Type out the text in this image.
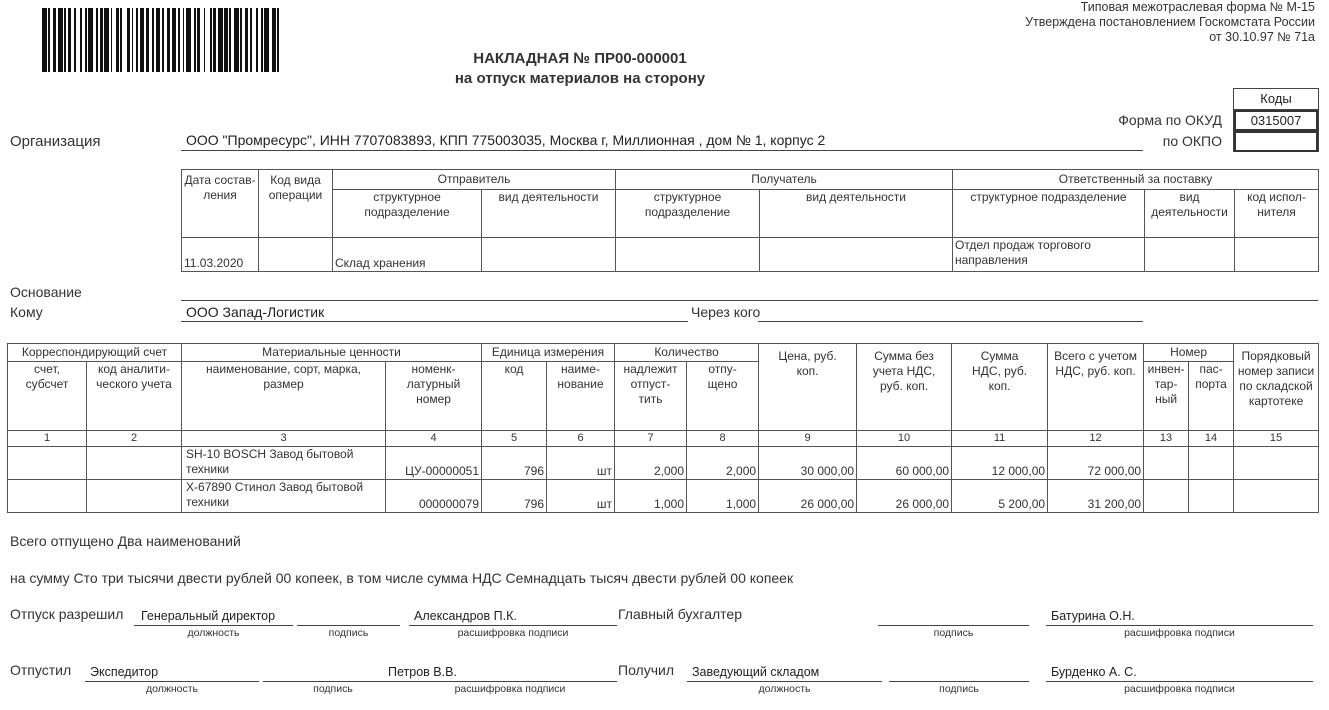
Типовая межотраслевая форма № М-15
Утверждена постановлением Госкомстата России
от 30.10.97 № 71а
НАКЛАДНАЯ № ПР00-000001
на отпуск материалов на сторону
Коды
0315007
Форма по ОКУД
по ОКПО
Организация	ООО "Промресурс", ИНН 7707083893, КПП 775003035, Москва г, Миллионная , дом № 1, корпус 2
Дата состав- ления	Код вида операции	Отправитель		Получатель		Ответственный за поставку		
		структурное подразделение	вид деятельности	структурное подразделение	вид деятельности	структурное подразделение	вид деятельности	код испол- нителя
11.03.2020		Склад хранения				Отдел продаж торгового направления		
Основание
Кому	ООО Запад-Логистик	Через кого
Корреспондирующий счет		Материальные ценности		Единица измерения		Количество		Цена, руб. коп.	Сумма без учета НДС, руб. коп.	Сумма НДС, руб. коп.	Всего с учетом НДС, руб. коп.	Номер		Порядковый номер записи по складской картотеке
счет, субсчет	код аналити- ческого учета	наименование, сорт, марка, размер	номенк- латурный номер	код	наиме- нование	надлежит отпуст- тить	отпу- щено					инвен- тар- ный	пас- порта	
1	2	3	4	5	6	7	8	9	10	11	12	13	14	15
		SH-10 BOSCH Завод бытовой техники	ЦУ-00000051	796	шт	2,000	2,000	30 000,00	60 000,00	12 000,00	72 000,00			
		Х-67890 Стинол Завод бытовой техники	000000079	796	шт	1,000	1,000	26 000,00	26 000,00	5 200,00	31 200,00			
Всего отпущено Два наименований
на сумму Сто три тысячи двести рублей 00 копеек, в том числе сумма НДС Семнадцать тысяч двести рублей 00 копеек
Отпуск разрешил Генеральный директор
должность	подпись
Александров П.К.
расшифровка подписи
Главный бухгалтер
подпись
Батурина О.Н.
расшифровка подписи
Отпустил Экспедитор
должность	подпись
Петров В.В.
расшифровка подписи
Получил Заведующий складом
должность	подпись
Бурденко А. С.
расшифровка подписи
